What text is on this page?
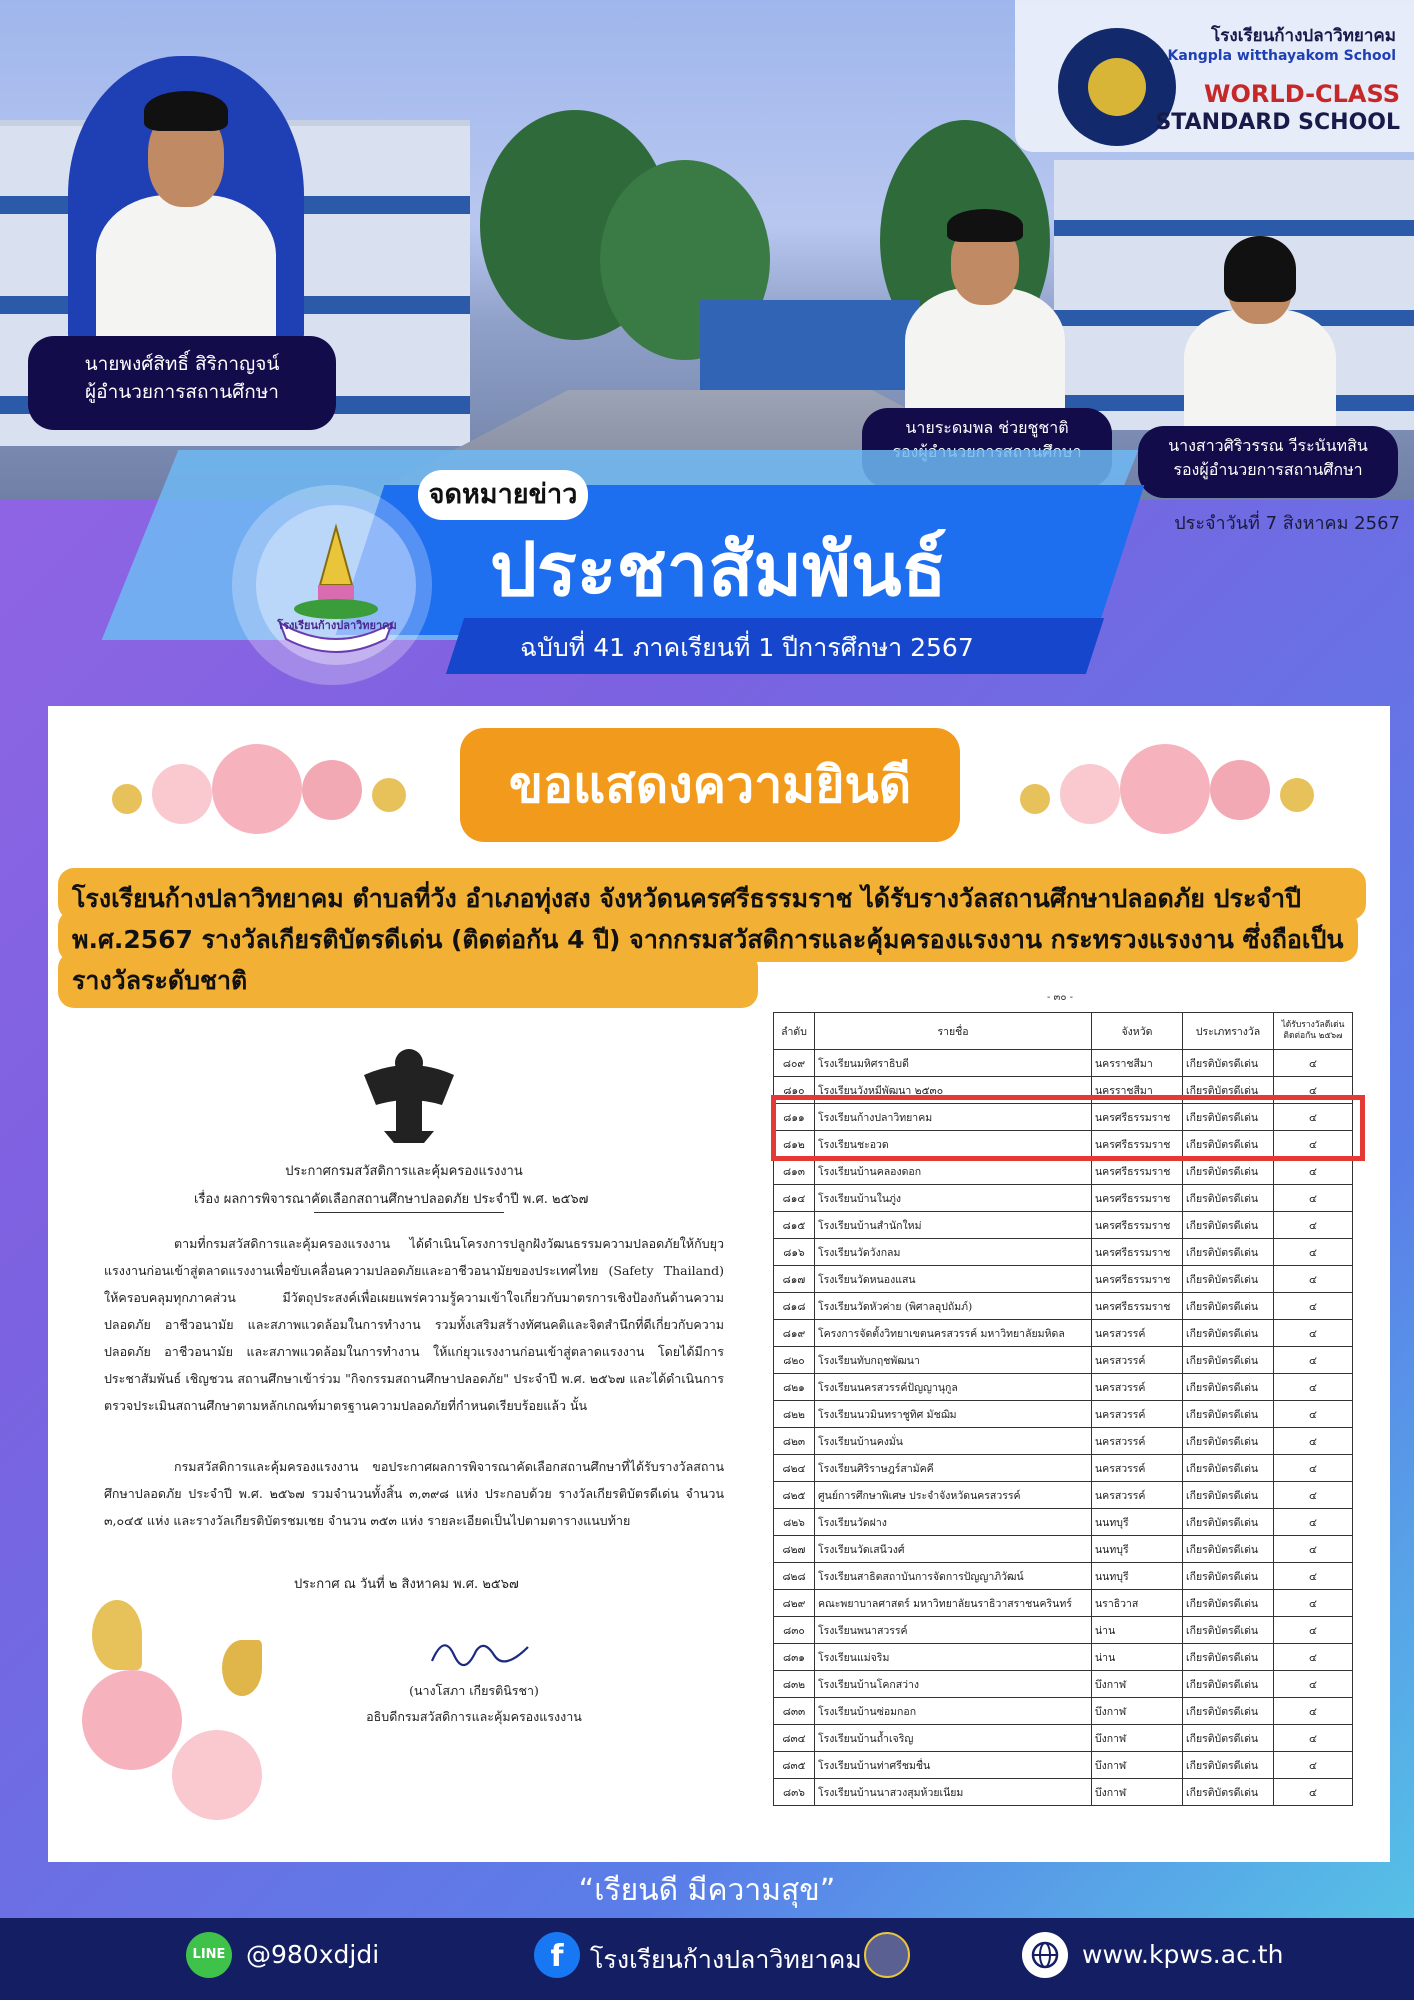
นายพงศ์สิทธิ์ สิริกาญจน์
ผู้อำนวยการสถานศึกษา
นายระดมพล ช่วยชูชาติ
นางสาวศิริวรรณ วีระนันทสิน
รองผู้อำนวยการสถานศึกษา
โรงเรียนก้างปลาวิทยาคม
Kangpla witthayakom School
WORLD-CLASS
STANDARD SCHOOL
ประจำวันที่ 7 สิงหาคม 2567
โรงเรียนก้างปลาวิทยาคม
จดหมายข่าว
ประชาสัมพันธ์
ฉบับที่ 41 ภาคเรียนที่ 1 ปีการศึกษา 2567
ขอแสดงความยินดี
โรงเรียนก้างปลาวิทยาคม ตำบลที่วัง อำเภอทุ่งสง จังหวัดนครศรีธรรมราช ได้รับรางวัลสถานศึกษาปลอดภัย ประจำปี พ.ศ.2567 รางวัลเกียรติบัตรดีเด่น (ติดต่อกัน 4 ปี) จากกรมสวัสดิการและคุ้มครองแรงงาน กระทรวงแรงงาน ซึ่งถือเป็นรางวัลระดับชาติ
ประกาศกรมสวัสดิการและคุ้มครองแรงงาน
เรื่อง ผลการพิจารณาคัดเลือกสถานศึกษาปลอดภัย ประจำปี พ.ศ. ๒๕๖๗

ตามที่กรมสวัสดิการและคุ้มครองแรงงาน ได้ดำเนินโครงการปลูกฝังวัฒนธรรมความปลอดภัยให้กับยุวแรงงานก่อนเข้าสู่ตลาดแรงงานเพื่อขับเคลื่อนความปลอดภัยและอาชีวอนามัยของประเทศไทย (Safety Thailand) ให้ครอบคลุมทุกภาคส่วน มีวัตถุประสงค์เพื่อเผยแพร่ความรู้ความเข้าใจเกี่ยวกับมาตรการเชิงป้องกันด้านความปลอดภัย อาชีวอนามัย และสภาพแวดล้อมในการทำงาน รวมทั้งเสริมสร้างทัศนคติและจิตสำนึกที่ดีเกี่ยวกับความปลอดภัย อาชีวอนามัย และสภาพแวดล้อมในการทำงาน ให้แก่ยุวแรงงานก่อนเข้าสู่ตลาดแรงงาน โดยได้มีการประชาสัมพันธ์ เชิญชวน สถานศึกษาเข้าร่วม "กิจกรรมสถานศึกษาปลอดภัย" ประจำปี พ.ศ. ๒๕๖๗ และได้ดำเนินการตรวจประเมินสถานศึกษาตามหลักเกณฑ์มาตรฐานความปลอดภัยที่กำหนดเรียบร้อยแล้ว นั้น

กรมสวัสดิการและคุ้มครองแรงงาน ขอประกาศผลการพิจารณาคัดเลือกสถานศึกษาที่ได้รับรางวัลสถานศึกษาปลอดภัย ประจำปี พ.ศ. ๒๕๖๗ รวมจำนวนทั้งสิ้น ๓,๓๙๘ แห่ง ประกอบด้วย รางวัลเกียรติบัตรดีเด่น จำนวน ๓,๐๔๕ แห่ง และรางวัลเกียรติบัตรชมเชย จำนวน ๓๕๓ แห่ง รายละเอียดเป็นไปตามตารางแนบท้าย

ประกาศ ณ วันที่ ๒ สิงหาคม พ.ศ. ๒๕๖๗
(นางโสภา เกียรตินิรชา)
อธิบดีกรมสวัสดิการและคุ้มครองแรงงาน
- ๓๐ -
ลำดับ	รายชื่อ	จังหวัด	ประเภทรางวัล	ได้รับรางวัลดีเด่น ติดต่อกัน ๒๕๖๗
๘๐๙	โรงเรียนมหิศราธิบดี	นครราชสีมา	เกียรติบัตรดีเด่น	๔
๘๑๐	โรงเรียนวังหมีพัฒนา ๒๕๓๐	นครราชสีมา	เกียรติบัตรดีเด่น	๔
๘๑๑	โรงเรียนก้างปลาวิทยาคม	นครศรีธรรมราช	เกียรติบัตรดีเด่น	๔
๘๑๒	โรงเรียนชะอวด	นครศรีธรรมราช	เกียรติบัตรดีเด่น	๔
๘๑๓	โรงเรียนบ้านคลองดอก	นครศรีธรรมราช	เกียรติบัตรดีเด่น	๔
๘๑๔	โรงเรียนบ้านในภู่ง	นครศรีธรรมราช	เกียรติบัตรดีเด่น	๔
๘๑๕	โรงเรียนบ้านสำนักใหม่	นครศรีธรรมราช	เกียรติบัตรดีเด่น	๔
๘๑๖	โรงเรียนวัดวังกลม	นครศรีธรรมราช	เกียรติบัตรดีเด่น	๔
๘๑๗	โรงเรียนวัดหนองแสน	นครศรีธรรมราช	เกียรติบัตรดีเด่น	๔
๘๑๘	โรงเรียนวัดหัวค่าย (พิศาลอุปถัมภ์)	นครศรีธรรมราช	เกียรติบัตรดีเด่น	๔
๘๑๙	โครงการจัดตั้งวิทยาเขตนครสวรรค์ มหาวิทยาลัยมหิดล	นครสวรรค์	เกียรติบัตรดีเด่น	๔
๘๒๐	โรงเรียนทับกฤชพัฒนา	นครสวรรค์	เกียรติบัตรดีเด่น	๔
๘๒๑	โรงเรียนนครสวรรค์ปัญญานุกูล	นครสวรรค์	เกียรติบัตรดีเด่น	๔
๘๒๒	โรงเรียนนวมินทราชูทิศ มัชฌิม	นครสวรรค์	เกียรติบัตรดีเด่น	๔
๘๒๓	โรงเรียนบ้านคงมั่น	นครสวรรค์	เกียรติบัตรดีเด่น	๔
๘๒๔	โรงเรียนศิริราษฎร์สามัคคี	นครสวรรค์	เกียรติบัตรดีเด่น	๔
๘๒๕	ศูนย์การศึกษาพิเศษ ประจำจังหวัดนครสวรรค์	นครสวรรค์	เกียรติบัตรดีเด่น	๔
๘๒๖	โรงเรียนวัดฝาง	นนทบุรี	เกียรติบัตรดีเด่น	๔
๘๒๗	โรงเรียนวัดเสนีวงศ์	นนทบุรี	เกียรติบัตรดีเด่น	๔
๘๒๘	โรงเรียนสาธิตสถาบันการจัดการปัญญาภิวัฒน์	นนทบุรี	เกียรติบัตรดีเด่น	๔
๘๒๙	คณะพยาบาลศาสตร์ มหาวิทยาลัยนราธิวาสราชนครินทร์	นราธิวาส	เกียรติบัตรดีเด่น	๔
๘๓๐	โรงเรียนพนาสวรรค์	น่าน	เกียรติบัตรดีเด่น	๔
๘๓๑	โรงเรียนแม่จริม	น่าน	เกียรติบัตรดีเด่น	๔
๘๓๒	โรงเรียนบ้านโคกสว่าง	บึงกาฬ	เกียรติบัตรดีเด่น	๔
๘๓๓	โรงเรียนบ้านซ่อมกอก	บึงกาฬ	เกียรติบัตรดีเด่น	๔
๘๓๔	โรงเรียนบ้านถ้ำเจริญ	บึงกาฬ	เกียรติบัตรดีเด่น	๔
๘๓๕	โรงเรียนบ้านท่าศรีชมชื่น	บึงกาฬ	เกียรติบัตรดีเด่น	๔
๘๓๖	โรงเรียนบ้านนาสวงสุมห้วยเนียม	บึงกาฬ	เกียรติบัตรดีเด่น	๔
“เรียนดี มีความสุข”
LINE @980xdjdi	f	โรงเรียนก้างปลาวิทยาคม	www.kpws.ac.th
